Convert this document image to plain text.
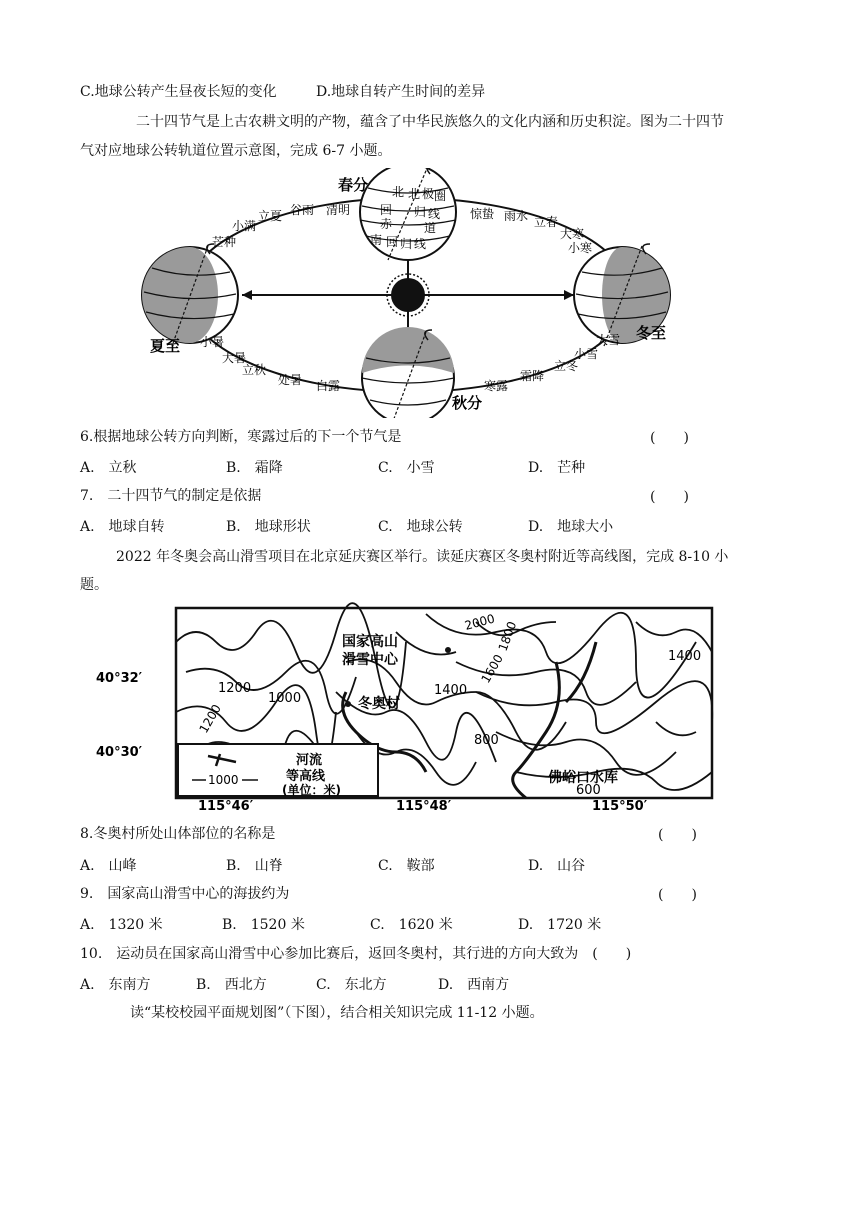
C.地球公转产生昼夜长短的变化	D.地球自转产生时间的差异
二十四节气是上古农耕文明的产物，蕴含了中华民族悠久的文化内涵和历史积淀。图为二十四节
气对应地球公转轨道位置示意图，完成 6-7 小题。
春分
夏至
秋分
冬至
北 北 极 圈
回 归 线
赤	道
南 回 归 线
芒种
小满
立夏 谷雨 清明	惊蛰 雨水 立春
大寒
小寒
小暑
大暑
立秋
处暑 白露
大雪
小雪
立冬
霜降
寒露
6.根据地球公转方向判断，寒露过后的下一个节气是	(　　)
A.　立秋	B.　霜降	C.　小雪	D.　芒种
7.　二十四节气的制定是依据	(　　)
A.　地球自转	B.　地球形状	C.　地球公转	D.　地球大小
2022 年冬奥会高山滑雪项目在北京延庆赛区举行。读延庆赛区冬奥村附近等高线图，完成 8-10 小
题。
2000 1800
1600
1400
1400
1200
1000
1200
800
600
国家高山
滑雪中心
冬奥村
佛峪口水库
河流
1000	等高线
(单位：米)
40°32′
40°30′
115°46′	115°48′	115°50′
8.冬奥村所处山体部位的名称是	(　　)
A.　山峰	B.　山脊	C.　鞍部	D.　山谷
9.　国家高山滑雪中心的海拔约为	(　　)
A.　1320 米	B.　1520 米	C.　1620 米	D.　1720 米
10.　运动员在国家高山滑雪中心参加比赛后，返回冬奥村，其行进的方向大致为　(　　)
A.　东南方	B.　西北方	C.　东北方	D.　西南方
读“某校校园平面规划图”（下图），结合相关知识完成 11-12 小题。
